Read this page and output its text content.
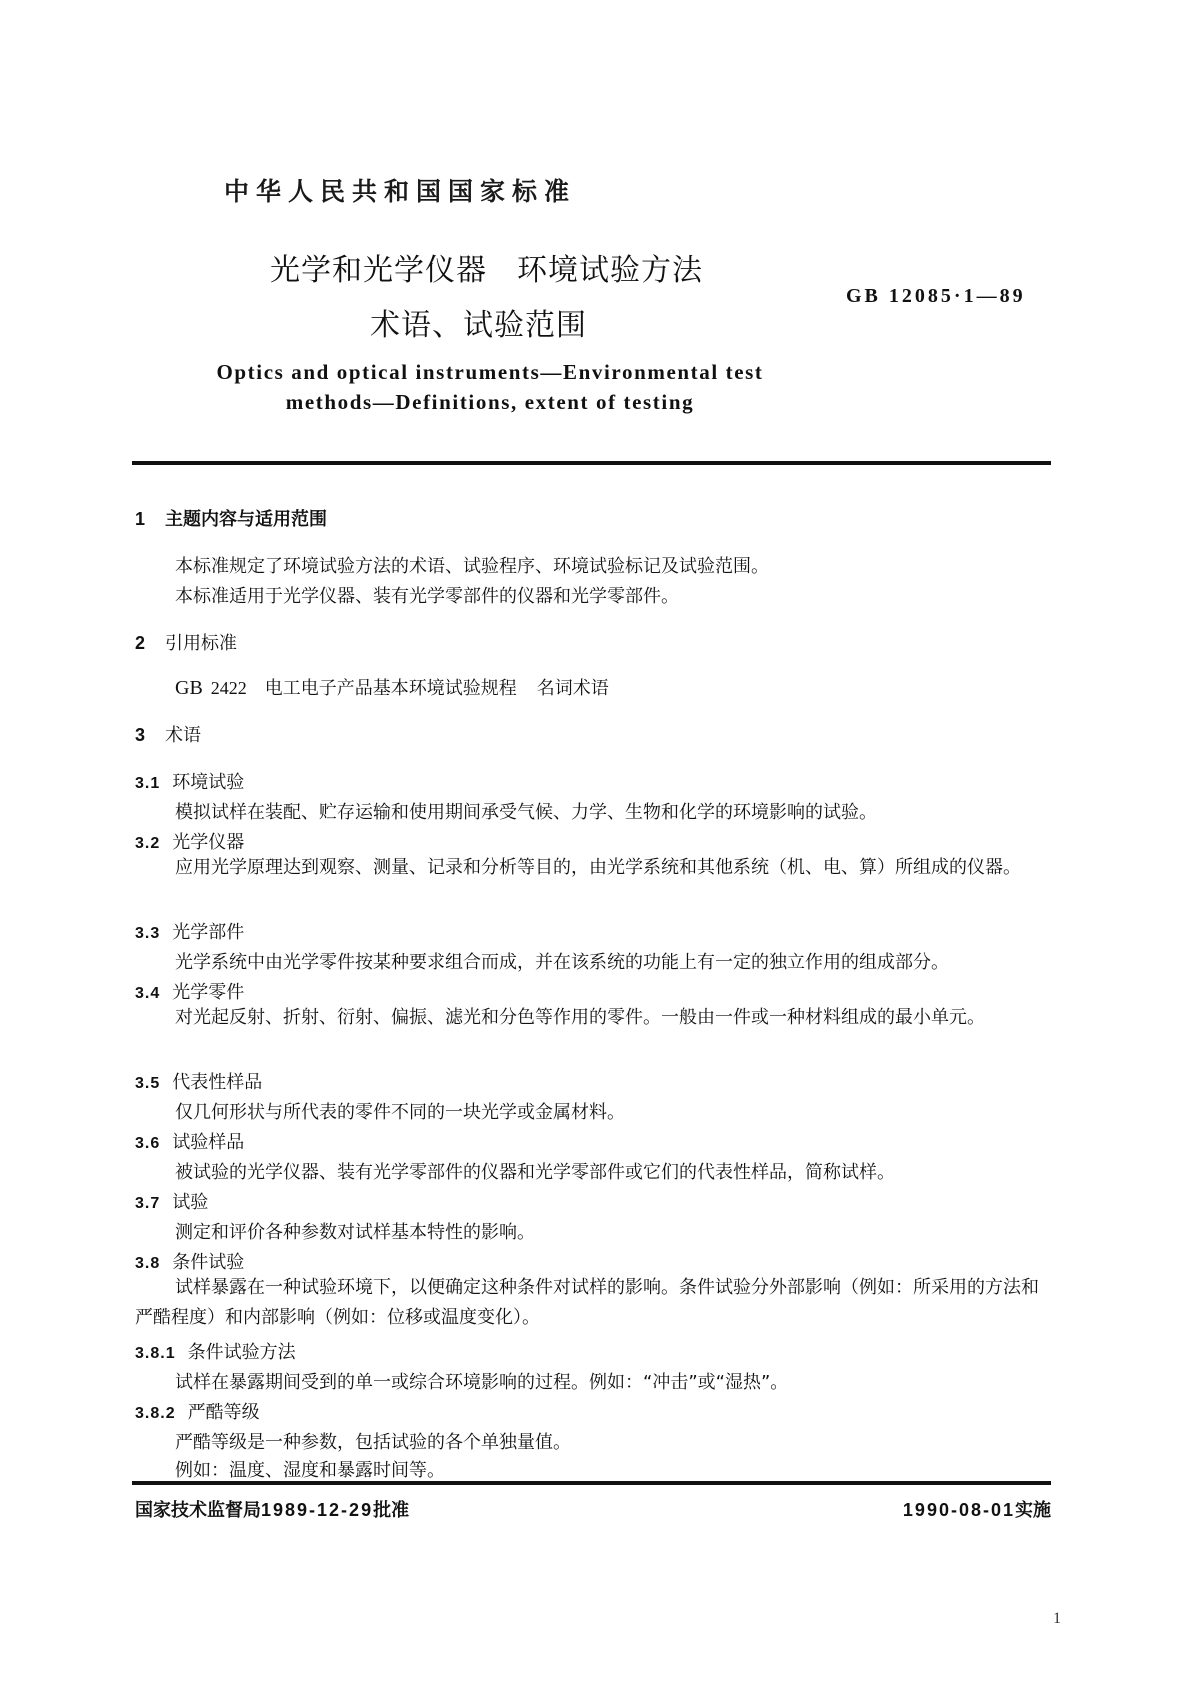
中华人民共和国国家标准
光学和光学仪器 环境试验方法
术语、试验范围
GB 12085·1—89
Optics and optical instruments—Environmental test
methods—Definitions, extent of testing
1 主题内容与适用范围
本标准规定了环境试验方法的术语、试验程序、环境试验标记及试验范围。
本标准适用于光学仪器、装有光学零部件的仪器和光学零部件。
2 引用标准
GB 2422 电工电子产品基本环境试验规程 名词术语
3 术语
3.1 环境试验
模拟试样在装配、贮存运输和使用期间承受气候、力学、生物和化学的环境影响的试验。
3.2 光学仪器
应用光学原理达到观察、测量、记录和分析等目的，由光学系统和其他系统（机、电、算）所组成的仪器。
3.3 光学部件
光学系统中由光学零件按某种要求组合而成，并在该系统的功能上有一定的独立作用的组成部分。
3.4 光学零件
对光起反射、折射、衍射、偏振、滤光和分色等作用的零件。一般由一件或一种材料组成的最小单元。
3.5 代表性样品
仅几何形状与所代表的零件不同的一块光学或金属材料。
3.6 试验样品
被试验的光学仪器、装有光学零部件的仪器和光学零部件或它们的代表性样品，简称试样。
3.7 试验
测定和评价各种参数对试样基本特性的影响。
3.8 条件试验
试样暴露在一种试验环境下，以便确定这种条件对试样的影响。条件试验分外部影响（例如：所采用的方法和严酷程度）和内部影响（例如：位移或温度变化）。
3.8.1 条件试验方法
试样在暴露期间受到的单一或综合环境影响的过程。例如：“冲击”或“湿热”。
3.8.2 严酷等级
严酷等级是一种参数，包括试验的各个单独量值。
例如：温度、湿度和暴露时间等。
国家技术监督局1989-12-29批准	1990-08-01实施
1
